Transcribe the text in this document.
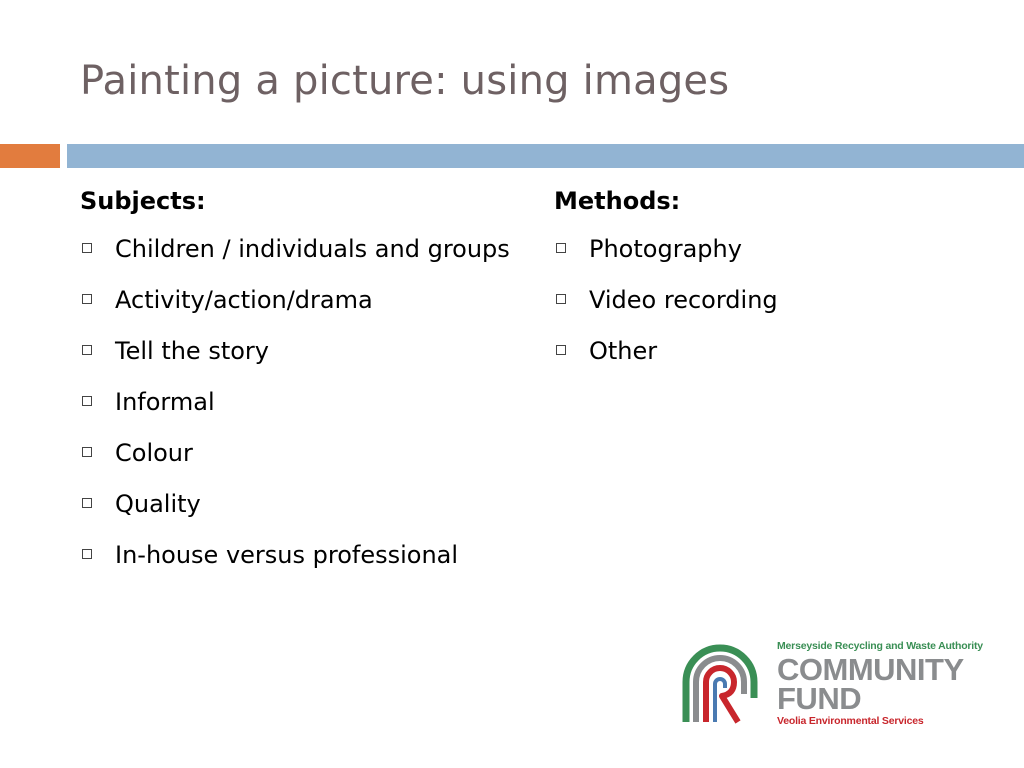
Painting a picture: using images
Subjects:
Children / individuals and groups
Activity/action/drama
Tell the story
Informal
Colour
Quality
In-house versus professional
Methods:
Photography
Video recording
Other
Merseyside Recycling and Waste Authority
COMMUNITY
FUND
Veolia Environmental Services
